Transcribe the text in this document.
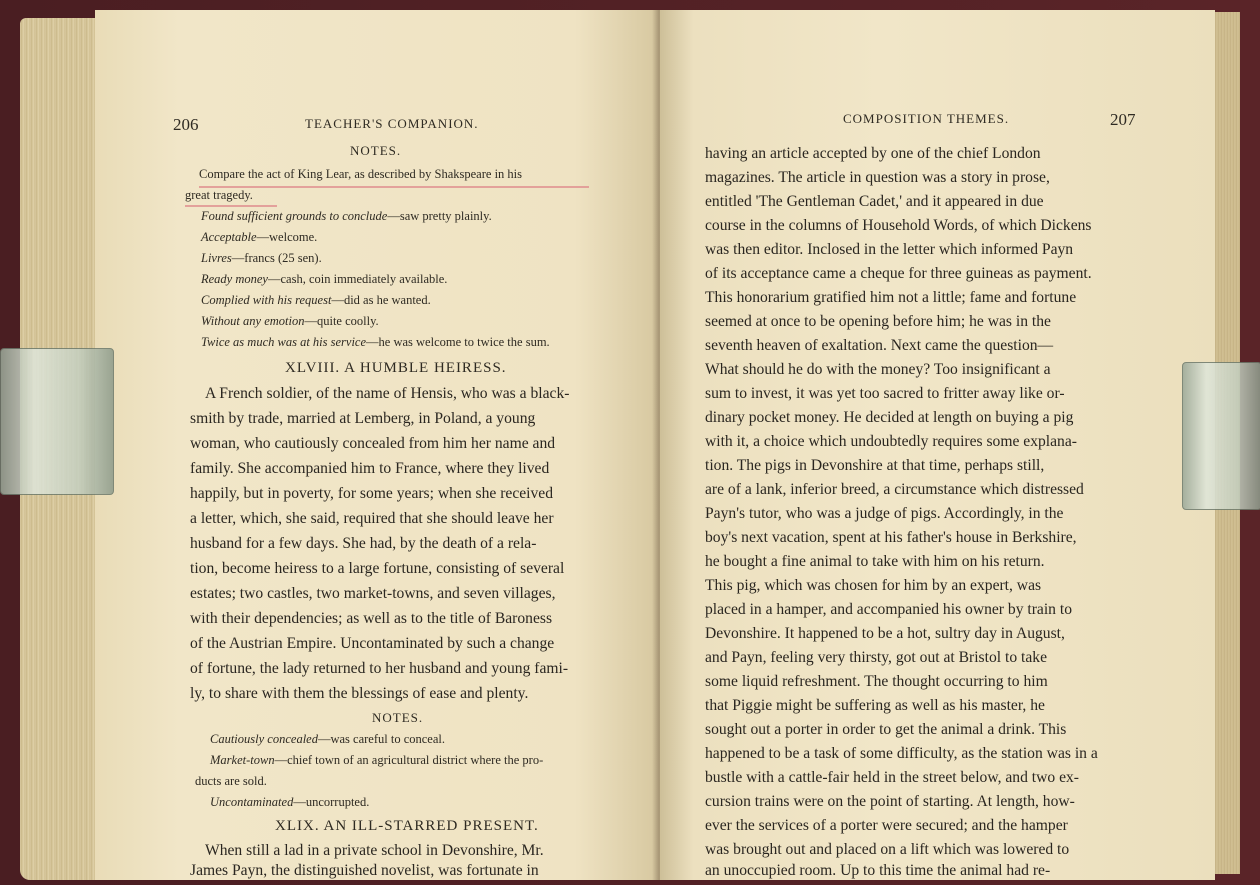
206	TEACHER'S COMPANION.
NOTES.
Compare the act of King Lear, as described by Shakspeare in his
great tragedy.
Found sufficient grounds to conclude—saw pretty plainly.
Acceptable—welcome.
Livres—francs (25 sen).
Ready money—cash, coin immediately available.
Complied with his request—did as he wanted.
Without any emotion—quite coolly.
Twice as much was at his service—he was welcome to twice the sum.
XLVIII. A HUMBLE HEIRESS.
A French soldier, of the name of Hensis, who was a black-
smith by trade, married at Lemberg, in Poland, a young
woman, who cautiously concealed from him her name and
family. She accompanied him to France, where they lived
happily, but in poverty, for some years; when she received
a letter, which, she said, required that she should leave her
husband for a few days. She had, by the death of a rela-
tion, become heiress to a large fortune, consisting of several
estates; two castles, two market-towns, and seven villages,
with their dependencies; as well as to the title of Baroness
of the Austrian Empire. Uncontaminated by such a change
of fortune, the lady returned to her husband and young fami-
ly, to share with them the blessings of ease and plenty.
NOTES.
Cautiously concealed—was careful to conceal.
Market-town—chief town of an agricultural district where the pro-
ducts are sold.
Uncontaminated—uncorrupted.
XLIX. AN ILL-STARRED PRESENT.
When still a lad in a private school in Devonshire, Mr.
James Payn, the distinguished novelist, was fortunate in
COMPOSITION THEMES.	207
having an article accepted by one of the chief London
magazines. The article in question was a story in prose,
entitled 'The Gentleman Cadet,' and it appeared in due
course in the columns of Household Words, of which Dickens
was then editor. Inclosed in the letter which informed Payn
of its acceptance came a cheque for three guineas as payment.
This honorarium gratified him not a little; fame and fortune
seemed at once to be opening before him; he was in the
seventh heaven of exaltation. Next came the question—
What should he do with the money? Too insignificant a
sum to invest, it was yet too sacred to fritter away like or-
dinary pocket money. He decided at length on buying a pig
with it, a choice which undoubtedly requires some explana-
tion. The pigs in Devonshire at that time, perhaps still,
are of a lank, inferior breed, a circumstance which distressed
Payn's tutor, who was a judge of pigs. Accordingly, in the
boy's next vacation, spent at his father's house in Berkshire,
he bought a fine animal to take with him on his return.
This pig, which was chosen for him by an expert, was
placed in a hamper, and accompanied his owner by train to
Devonshire. It happened to be a hot, sultry day in August,
and Payn, feeling very thirsty, got out at Bristol to take
some liquid refreshment. The thought occurring to him
that Piggie might be suffering as well as his master, he
sought out a porter in order to get the animal a drink. This
happened to be a task of some difficulty, as the station was in a
bustle with a cattle-fair held in the street below, and two ex-
cursion trains were on the point of starting. At length, how-
ever the services of a porter were secured; and the hamper
was brought out and placed on a lift which was lowered to
an unoccupied room. Up to this time the animal had re-
